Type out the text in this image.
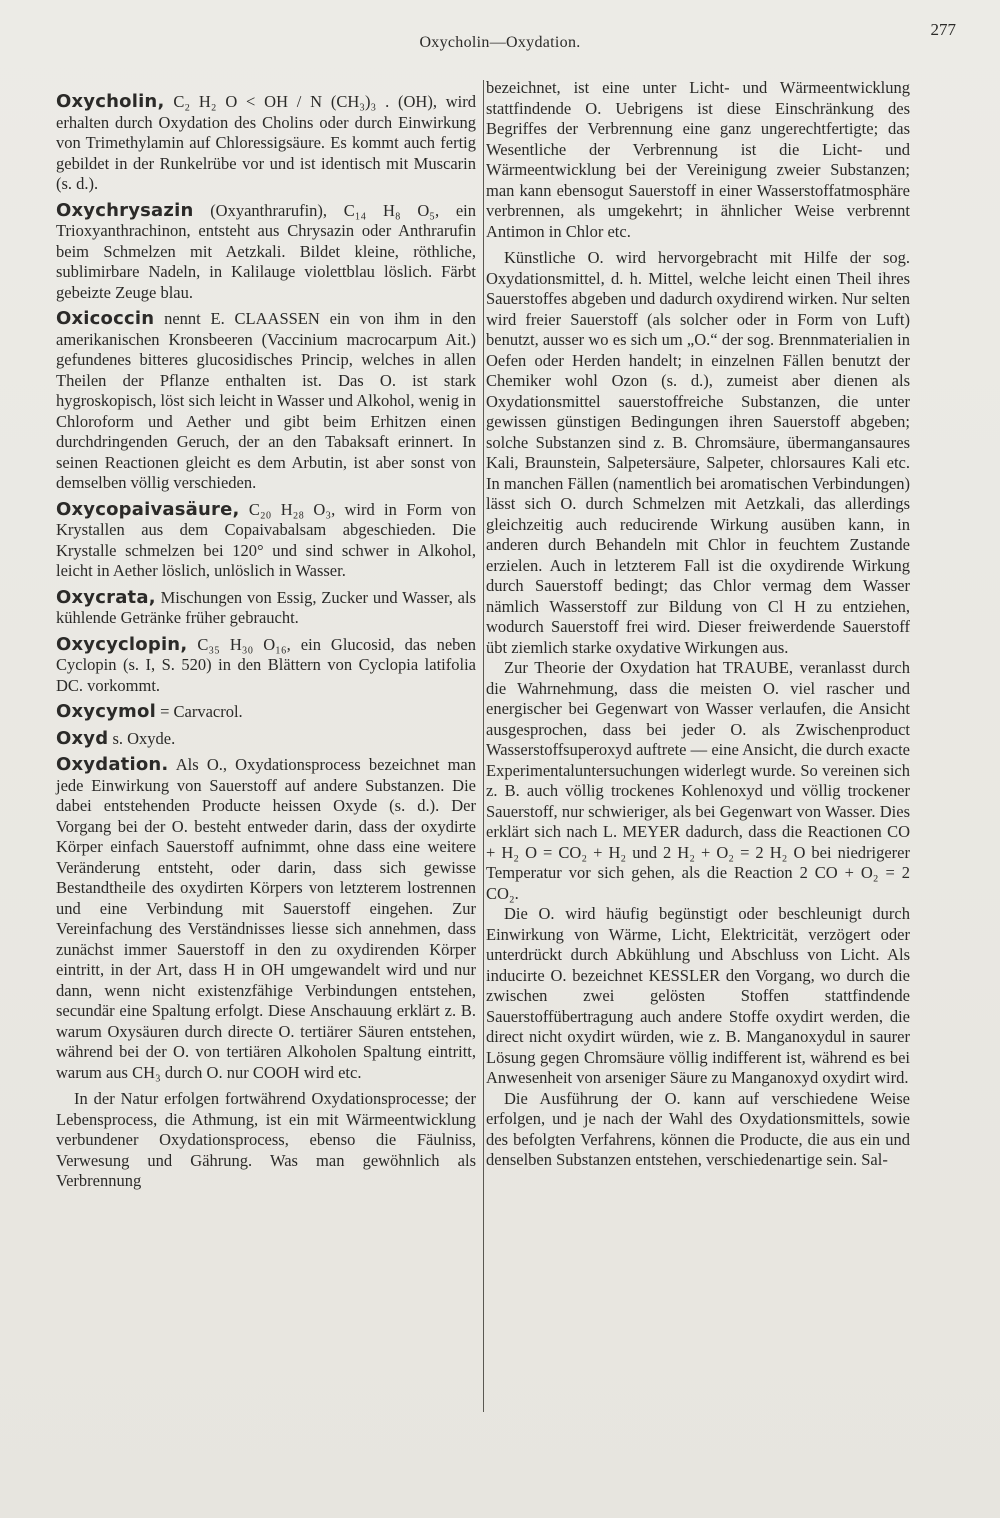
Oxycholin—Oxydation.
277
Oxycholin, C₂ H₂ O < OH / N (CH₃)₃ . (OH), wird erhalten durch Oxydation des Cholins oder durch Einwirkung von Trimethylamin auf Chloressigsäure. Es kommt auch fertig gebildet in der Runkelrübe vor und ist identisch mit Muscarin (s. d.).
Oxychrysazin (Oxyanthrarufin), C₁₄ H₈ O₅, ein Trioxyanthrachinon, entsteht aus Chrysazin oder Anthrarufin beim Schmelzen mit Aetzkali. Bildet kleine, röthliche, sublimirbare Nadeln, in Kalilauge violettblau löslich. Färbt gebeizte Zeuge blau.
Oxicoccin nennt E. CLAASSEN ein von ihm in den amerikanischen Kronsbeeren (Vaccinium macrocarpum Ait.) gefundenes bitteres glucosidisches Princip, welches in allen Theilen der Pflanze enthalten ist. Das O. ist stark hygroskopisch, löst sich leicht in Wasser und Alkohol, wenig in Chloroform und Aether und gibt beim Erhitzen einen durchdringenden Geruch, der an den Tabaksaft erinnert. In seinen Reactionen gleicht es dem Arbutin, ist aber sonst von demselben völlig verschieden.
Oxycopaivasäure, C₂₀ H₂₈ O₃, wird in Form von Krystallen aus dem Copaivabalsam abgeschieden. Die Krystalle schmelzen bei 120° und sind schwer in Alkohol, leicht in Aether löslich, unlöslich in Wasser.
Oxycrata, Mischungen von Essig, Zucker und Wasser, als kühlende Getränke früher gebraucht.
Oxycyclopin, C₃₅ H₃₀ O₁₆, ein Glucosid, das neben Cyclopin (s. I, S. 520) in den Blättern von Cyclopia latifolia DC. vorkommt.
Oxycymol = Carvacrol.
Oxyd s. Oxyde.
Oxydation. Als O., Oxydationsprocess bezeichnet man jede Einwirkung von Sauerstoff auf andere Substanzen. Die dabei entstehenden Producte heissen Oxyde (s. d.). Der Vorgang bei der O. besteht entweder darin, dass der oxydirte Körper einfach Sauerstoff aufnimmt, ohne dass eine weitere Veränderung entsteht, oder darin, dass sich gewisse Bestandtheile des oxydirten Körpers von letzterem lostrennen und eine Verbindung mit Sauerstoff eingehen. Zur Vereinfachung des Verständnisses liesse sich annehmen, dass zunächst immer Sauerstoff in den zu oxydirenden Körper eintritt, in der Art, dass H in OH umgewandelt wird und nur dann, wenn nicht existenzfähige Verbindungen entstehen, secundär eine Spaltung erfolgt. Diese Anschauung erklärt z. B. warum Oxysäuren durch directe O. tertiärer Säuren entstehen, während bei der O. von tertiären Alkoholen Spaltung eintritt, warum aus CH₃ durch O. nur COOH wird etc.
In der Natur erfolgen fortwährend Oxydationsprocesse; der Lebensprocess, die Athmung, ist ein mit Wärmeentwicklung verbundener Oxydationsprocess, ebenso die Fäulniss, Verwesung und Gährung. Was man gewöhnlich als Verbrennung

bezeichnet, ist eine unter Licht- und Wärmeentwicklung stattfindende O. Uebrigens ist diese Einschränkung des Begriffes der Verbrennung eine ganz ungerechtfertigte; das Wesentliche der Verbrennung ist die Licht- und Wärmeentwicklung bei der Vereinigung zweier Substanzen; man kann ebensogut Sauerstoff in einer Wasserstoffatmosphäre verbrennen, als umgekehrt; in ähnlicher Weise verbrennt Antimon in Chlor etc.

Künstliche O. wird hervorgebracht mit Hilfe der sog. Oxydationsmittel, d. h. Mittel, welche leicht einen Theil ihres Sauerstoffes abgeben und dadurch oxydirend wirken. Nur selten wird freier Sauerstoff (als solcher oder in Form von Luft) benutzt, ausser wo es sich um „O.“ der sog. Brennmaterialien in Oefen oder Herden handelt; in einzelnen Fällen benutzt der Chemiker wohl Ozon (s. d.), zumeist aber dienen als Oxydationsmittel sauerstoffreiche Substanzen, die unter gewissen günstigen Bedingungen ihren Sauerstoff abgeben; solche Substanzen sind z. B. Chromsäure, übermangansaures Kali, Braunstein, Salpetersäure, Salpeter, chlorsaures Kali etc. In manchen Fällen (namentlich bei aromatischen Verbindungen) lässt sich O. durch Schmelzen mit Aetzkali, das allerdings gleichzeitig auch reducirende Wirkung ausüben kann, in anderen durch Behandeln mit Chlor in feuchtem Zustande erzielen. Auch in letzterem Fall ist die oxydirende Wirkung durch Sauerstoff bedingt; das Chlor vermag dem Wasser nämlich Wasserstoff zur Bildung von Cl H zu entziehen, wodurch Sauerstoff frei wird. Dieser freiwerdende Sauerstoff übt ziemlich starke oxydative Wirkungen aus.

Zur Theorie der Oxydation hat TRAUBE, veranlasst durch die Wahrnehmung, dass die meisten O. viel rascher und energischer bei Gegenwart von Wasser verlaufen, die Ansicht ausgesprochen, dass bei jeder O. als Zwischenproduct Wasserstoffsuperoxyd auftrete — eine Ansicht, die durch exacte Experimentaluntersuchungen widerlegt wurde. So vereinen sich z. B. auch völlig trockenes Kohlenoxyd und völlig trockener Sauerstoff, nur schwieriger, als bei Gegenwart von Wasser. Dies erklärt sich nach L. MEYER dadurch, dass die Reactionen CO + H₂ O = CO₂ + H₂ und 2 H₂ + O₂ = 2 H₂ O bei niedrigerer Temperatur vor sich gehen, als die Reaction 2 CO + O₂ = 2 CO₂.

Die O. wird häufig begünstigt oder beschleunigt durch Einwirkung von Wärme, Licht, Elektricität, verzögert oder unterdrückt durch Abkühlung und Abschluss von Licht. Als inducirte O. bezeichnet KESSLER den Vorgang, wo durch die zwischen zwei gelösten Stoffen stattfindende Sauerstoffübertragung auch andere Stoffe oxydirt werden, die direct nicht oxydirt würden, wie z. B. Manganoxydul in saurer Lösung gegen Chromsäure völlig indifferent ist, während es bei Anwesenheit von arseniger Säure zu Manganoxyd oxydirt wird.

Die Ausführung der O. kann auf verschiedene Weise erfolgen, und je nach der Wahl des Oxydationsmittels, sowie des befolgten Verfahrens, können die Producte, die aus ein und denselben Substanzen entstehen, verschiedenartige sein. Sal-
